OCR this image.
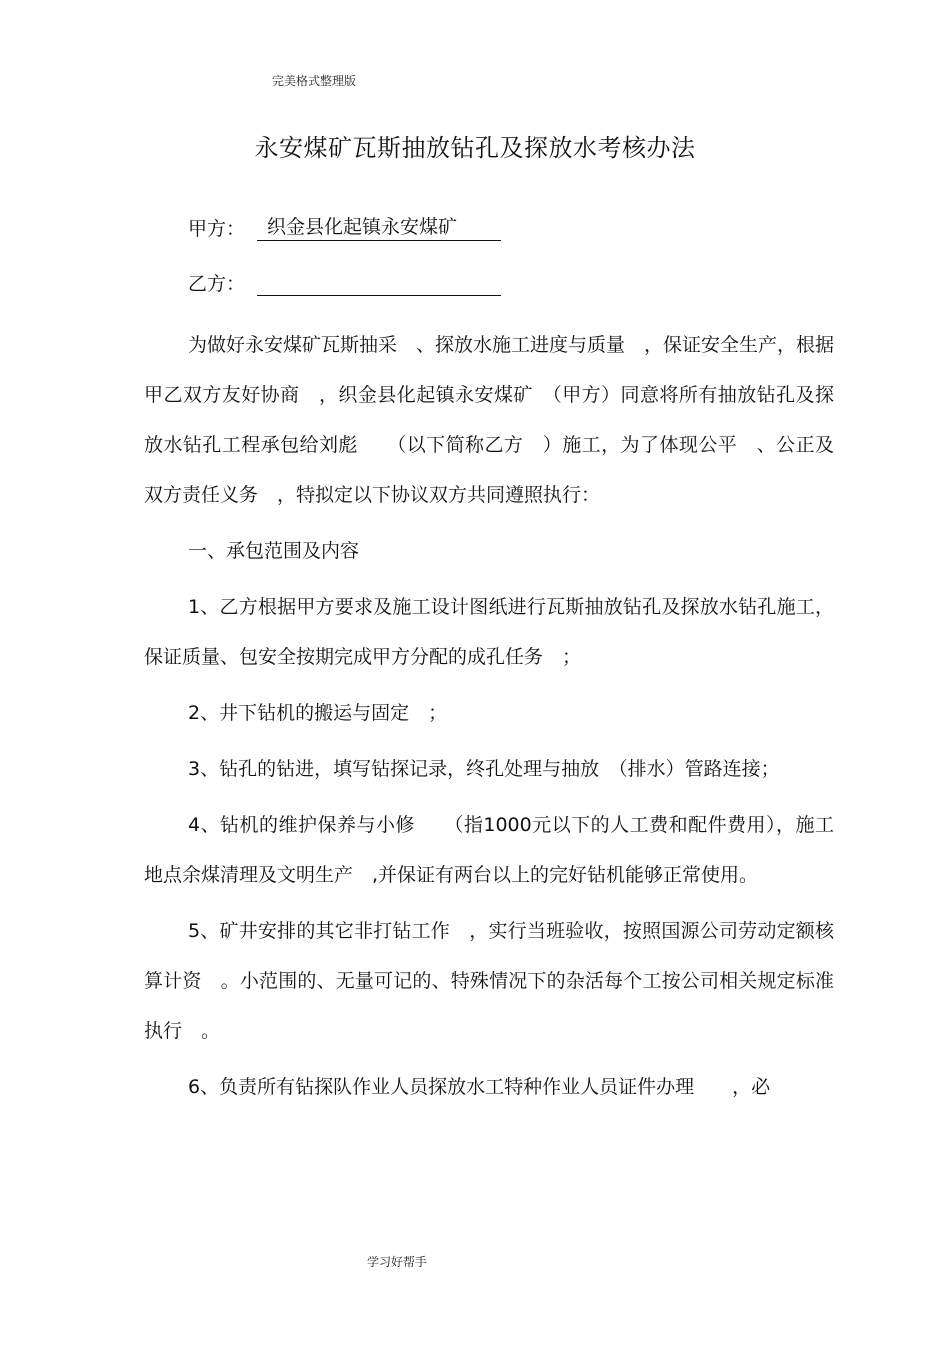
完美格式整理版
永安煤矿瓦斯抽放钻孔及探放水考核办法
甲方：	织金县化起镇永安煤矿
乙方：

为做好永安煤矿瓦斯抽采　、探放水施工进度与质量　，保证安全生产，根据甲乙双方友好协商　，织金县化起镇永安煤矿　（甲方）同意将所有抽放钻孔及探放水钻孔工程承包给刘彪　　（以下简称乙方　）施工，为了体现公平　、公正及双方责任义务　，特拟定以下协议双方共同遵照执行：

一、承包范围及内容

1、乙方根据甲方要求及施工设计图纸进行瓦斯抽放钻孔及探放水钻孔施工，保证质量、包安全按期完成甲方分配的成孔任务　；

2、井下钻机的搬运与固定　；

3、钻孔的钻进，填写钻探记录，终孔处理与抽放　（排水）管路连接；

4、钻机的维护保养与小修　　（指1000元以下的人工费和配件费用），施工地点余煤清理及文明生产　,并保证有两台以上的完好钻机能够正常使用。

5、矿井安排的其它非打钻工作　，实行当班验收，按照国源公司劳动定额核算计资　。小范围的、无量可记的、特殊情况下的杂活每个工按公司相关规定标准执行　。

6、负责所有钻探队作业人员探放水工特种作业人员证件办理　　，必

学习好帮手
